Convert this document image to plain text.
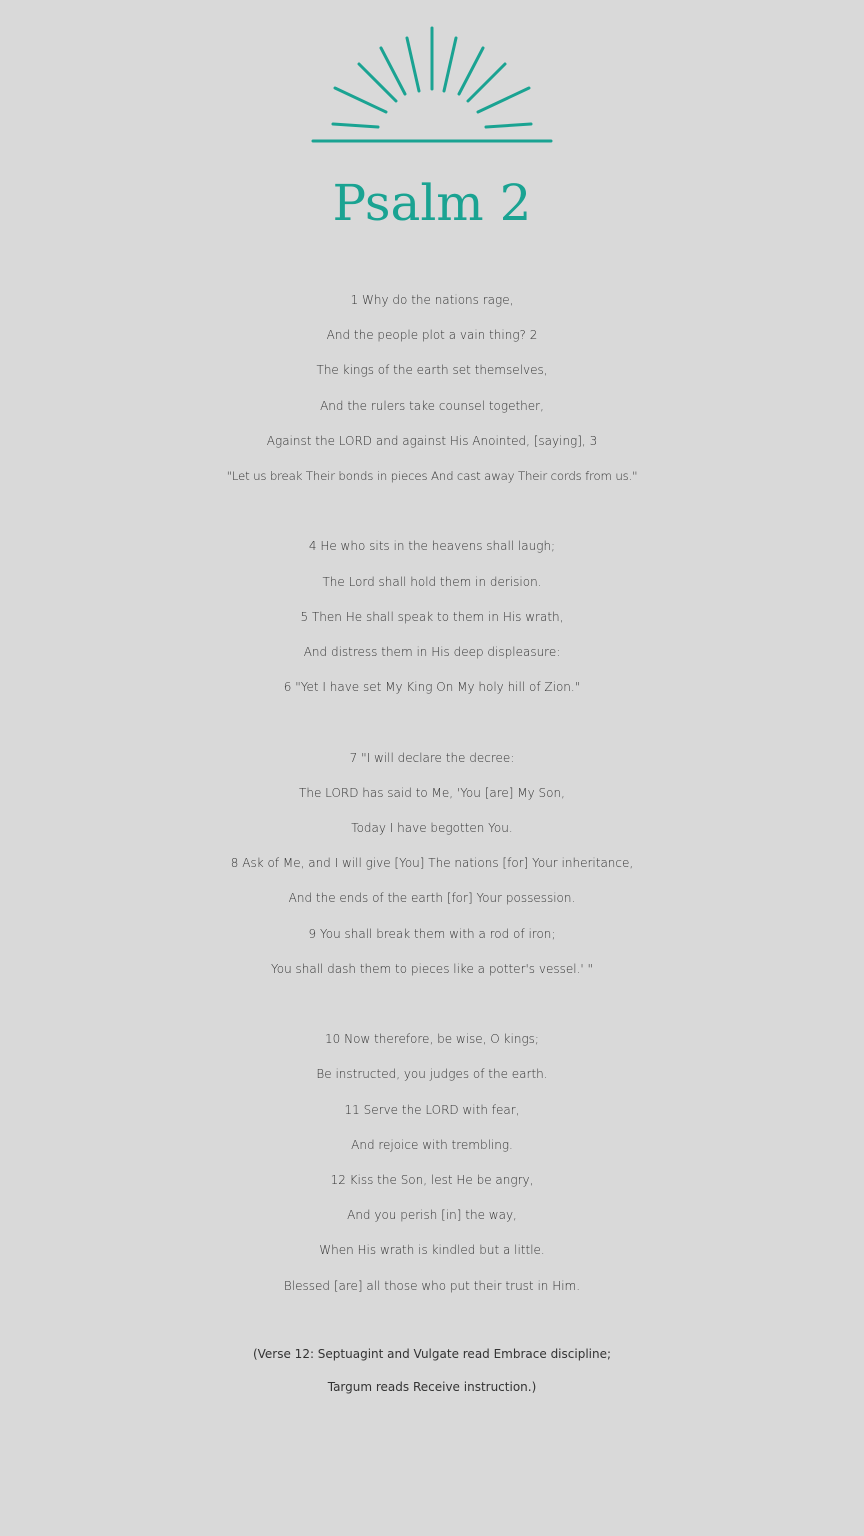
Psalm 2
1 Why do the nations rage,
And the people plot a vain thing? 2
The kings of the earth set themselves,
And the rulers take counsel together,
Against the LORD and against His Anointed, [saying], 3
"Let us break Their bonds in pieces And cast away Their cords from us."
4 He who sits in the heavens shall laugh;
The Lord shall hold them in derision.
5 Then He shall speak to them in His wrath,
And distress them in His deep displeasure:
6 "Yet I have set My King On My holy hill of Zion."
7 "I will declare the decree:
The LORD has said to Me, 'You [are] My Son,
Today I have begotten You.
8 Ask of Me, and I will give [You] The nations [for] Your inheritance,
And the ends of the earth [for] Your possession.
9 You shall break them with a rod of iron;
You shall dash them to pieces like a potter's vessel.' "
10 Now therefore, be wise, O kings;
Be instructed, you judges of the earth.
11 Serve the LORD with fear,
And rejoice with trembling.
12 Kiss the Son, lest He be angry,
And you perish [in] the way,
When His wrath is kindled but a little.
Blessed [are] all those who put their trust in Him.
(Verse 12: Septuagint and Vulgate read Embrace discipline;
Targum reads Receive instruction.)
